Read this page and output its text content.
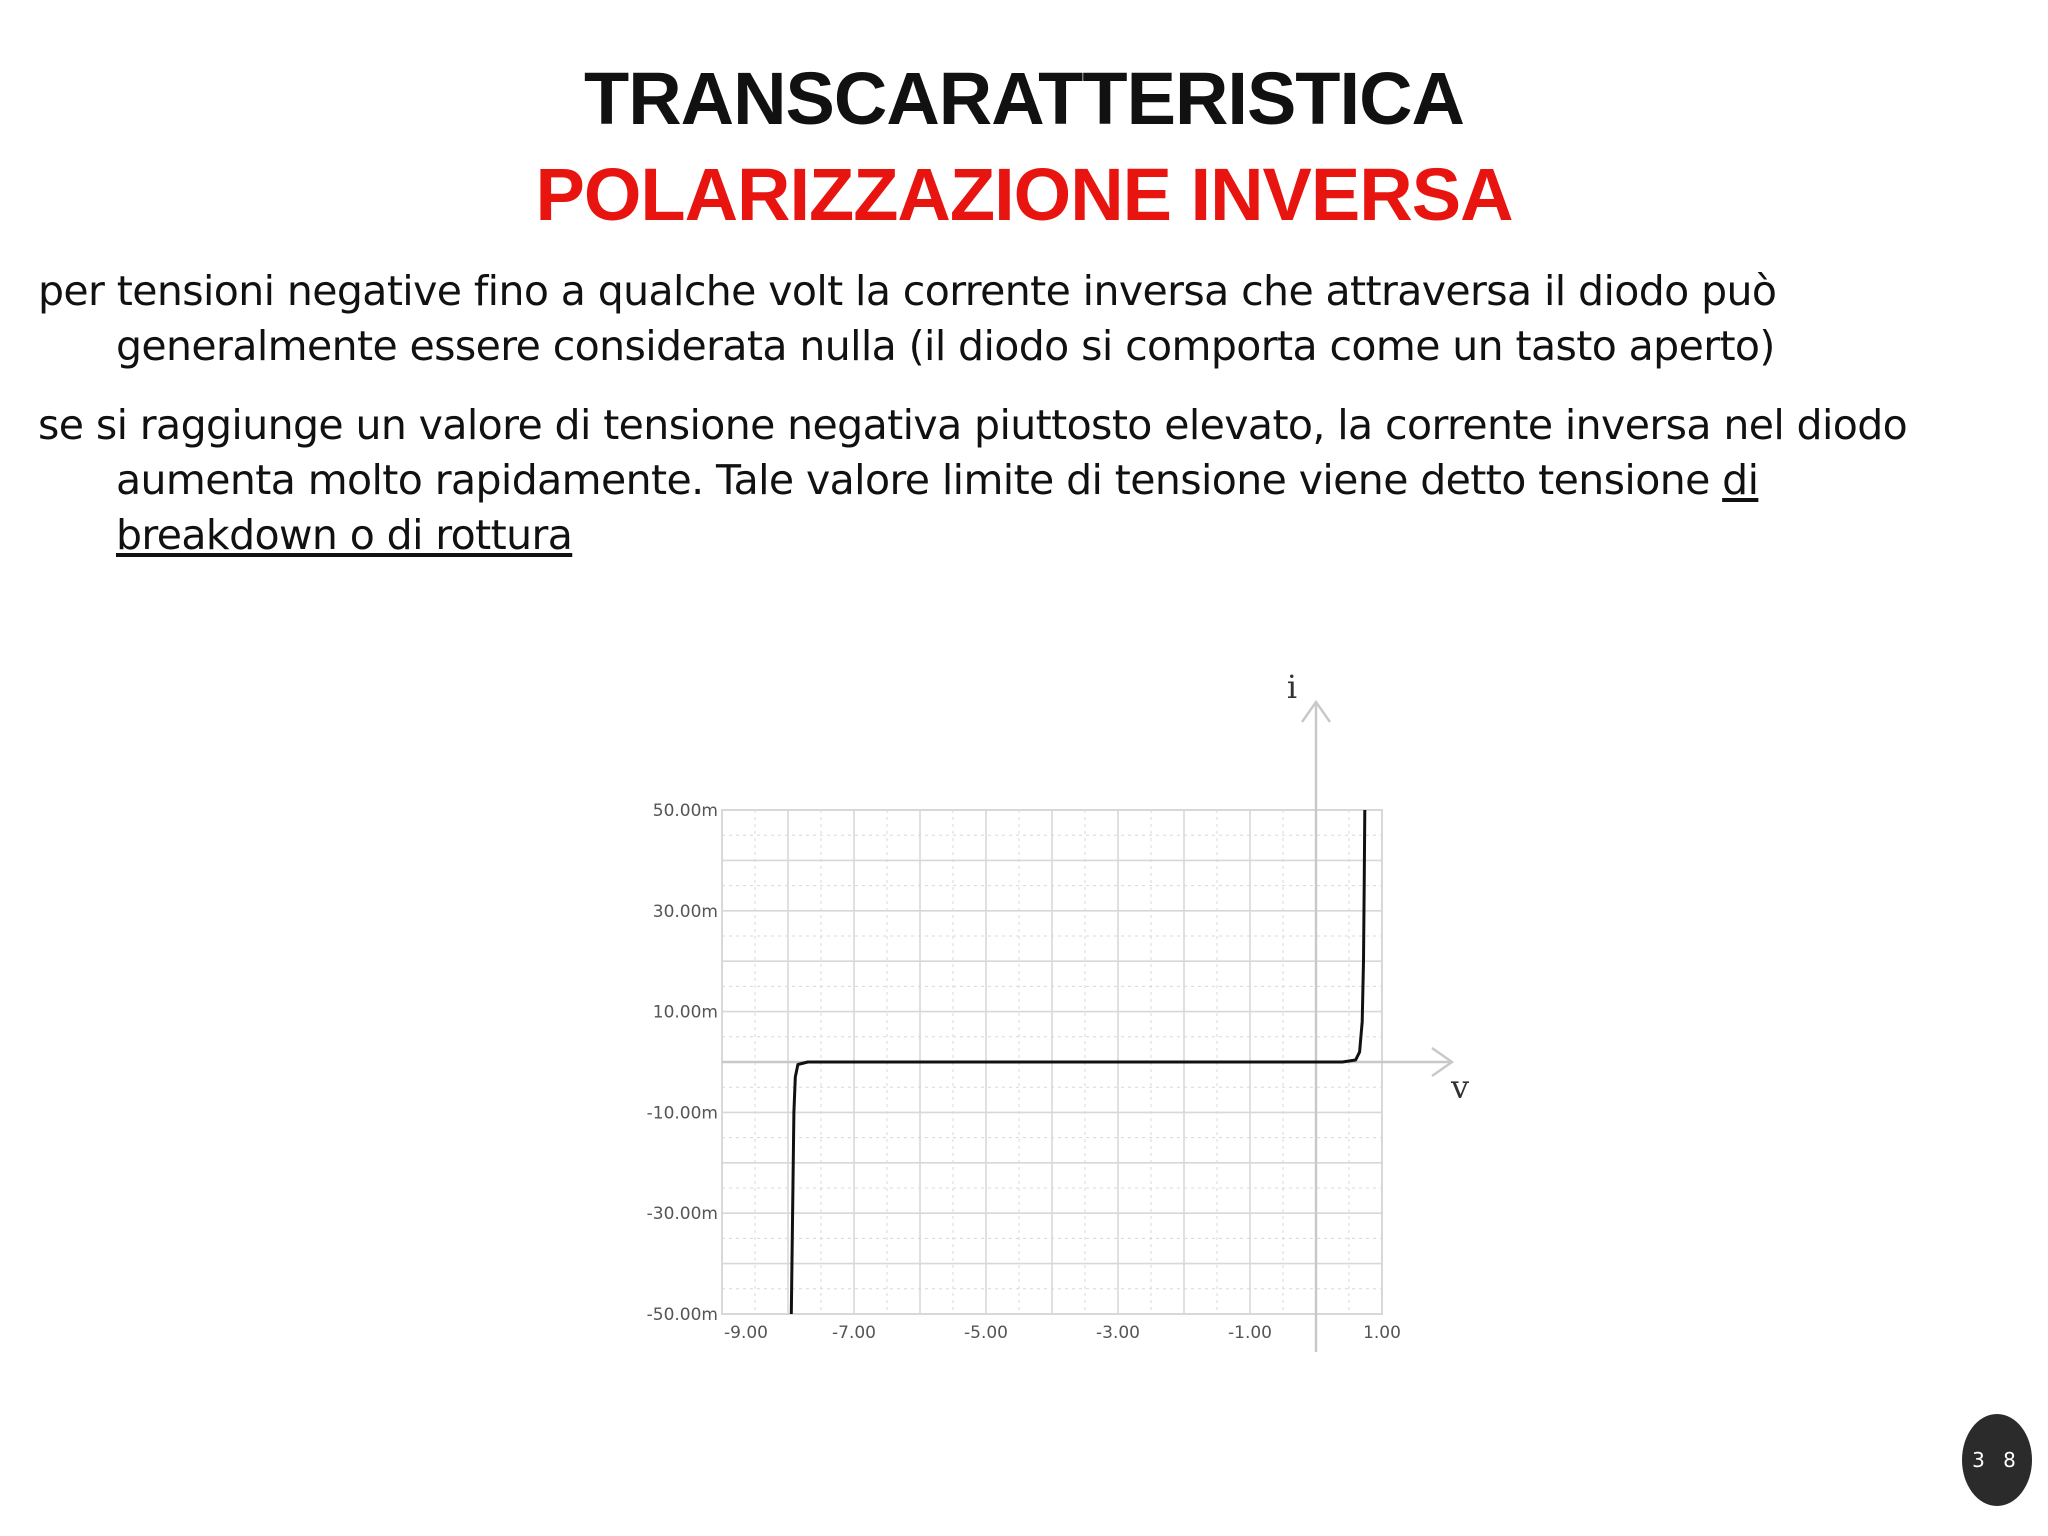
TRANSCARATTERISTICA
POLARIZZAZIONE INVERSA

per tensioni negative fino a qualche volt la corrente inversa che attraversa il diodo può
generalmente essere considerata nulla (il diodo si comporta come un tasto aperto)

se si raggiunge un valore di tensione negativa piuttosto elevato, la corrente inversa nel diodo
aumenta molto rapidamente. Tale valore limite di tensione viene detto tensione di
breakdown o di rottura

i
v
50.00m
30.00m
10.00m
-10.00m
-30.00m
-50.00m
-9.00	-7.00	-5.00	-3.00	-1.00	1.00
3 8
